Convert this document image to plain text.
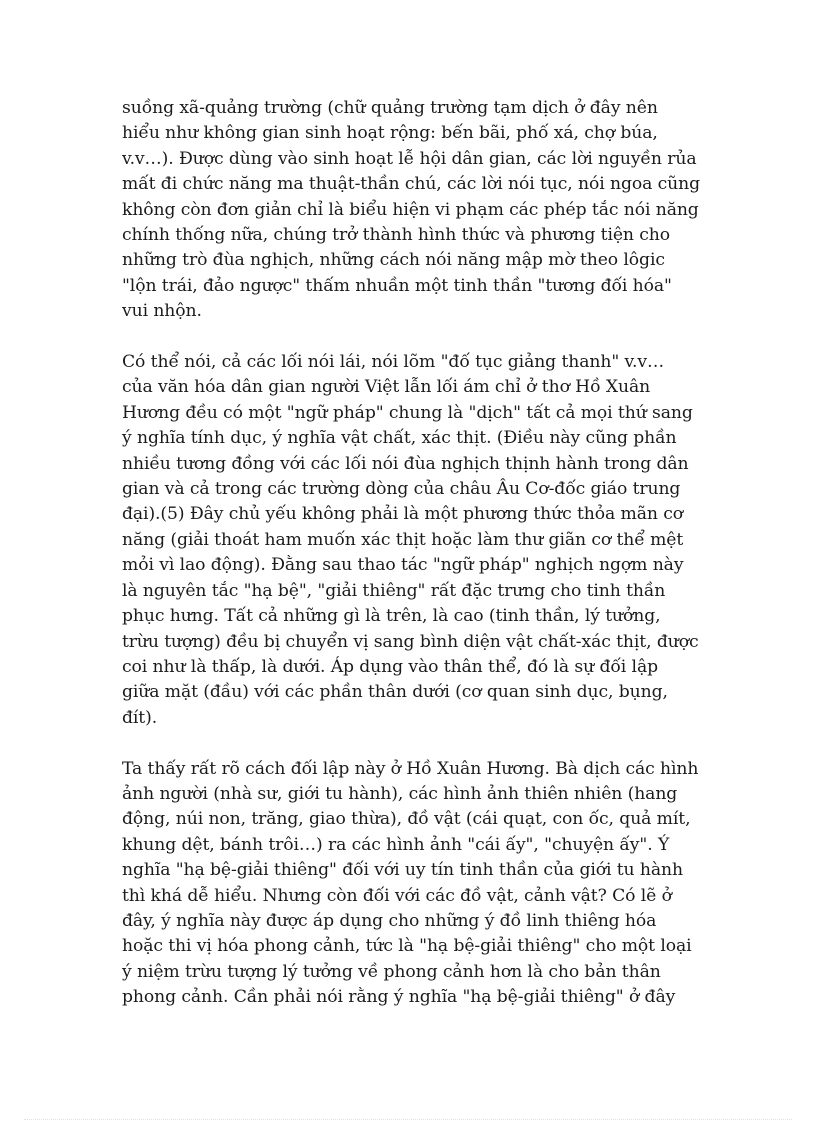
suồng xã-quảng trường (chữ quảng trường tạm dịch ở đây nên hiểu như không gian sinh hoạt rộng: bến bãi, phố xá, chợ búa, v.v…). Được dùng vào sinh hoạt lễ hội dân gian, các lời nguyền rủa mất đi chức năng ma thuật-thần chú, các lời nói tục, nói ngoa cũng không còn đơn giản chỉ là biểu hiện vi phạm các phép tắc nói năng chính thống nữa, chúng trở thành hình thức và phương tiện cho những trò đùa nghịch, những cách nói năng mập mờ theo lôgic "lộn trái, đảo ngược" thấm nhuần một tinh thần "tương đối hóa" vui nhộn.

Có thể nói, cả các lối nói lái, nói lõm "đố tục giảng thanh" v.v… của văn hóa dân gian người Việt lẫn lối ám chỉ ở thơ Hồ Xuân Hương đều có một "ngữ pháp" chung là "dịch" tất cả mọi thứ sang ý nghĩa tính dục, ý nghĩa vật chất, xác thịt. (Điều này cũng phần nhiều tương đồng với các lối nói đùa nghịch thịnh hành trong dân gian và cả trong các trường dòng của châu Âu Cơ-đốc giáo trung đại).(5) Đây chủ yếu không phải là một phương thức thỏa mãn cơ năng (giải thoát ham muốn xác thịt hoặc làm thư giãn cơ thể mệt mỏi vì lao động). Đằng sau thao tác "ngữ pháp" nghịch ngợm này là nguyên tắc "hạ bệ", "giải thiêng" rất đặc trưng cho tinh thần phục hưng. Tất cả những gì là trên, là cao (tinh thần, lý tưởng, trừu tượng) đều bị chuyển vị sang bình diện vật chất-xác thịt, được coi như là thấp, là dưới. Áp dụng vào thân thể, đó là sự đối lập giữa mặt (đầu) với các phần thân dưới (cơ quan sinh dục, bụng, đít).

Ta thấy rất rõ cách đối lập này ở Hồ Xuân Hương. Bà dịch các hình ảnh người (nhà sư, giới tu hành), các hình ảnh thiên nhiên (hang động, núi non, trăng, giao thừa), đồ vật (cái quạt, con ốc, quả mít, khung dệt, bánh trôi…) ra các hình ảnh "cái ấy", "chuyện ấy". Ý nghĩa "hạ bệ-giải thiêng" đối với uy tín tinh thần của giới tu hành thì khá dễ hiểu. Nhưng còn đối với các đồ vật, cảnh vật? Có lẽ ở đây, ý nghĩa này được áp dụng cho những ý đồ linh thiêng hóa hoặc thi vị hóa phong cảnh, tức là "hạ bệ-giải thiêng" cho một loại ý niệm trừu tượng lý tưởng về phong cảnh hơn là cho bản thân phong cảnh. Cần phải nói rằng ý nghĩa "hạ bệ-giải thiêng" ở đây
